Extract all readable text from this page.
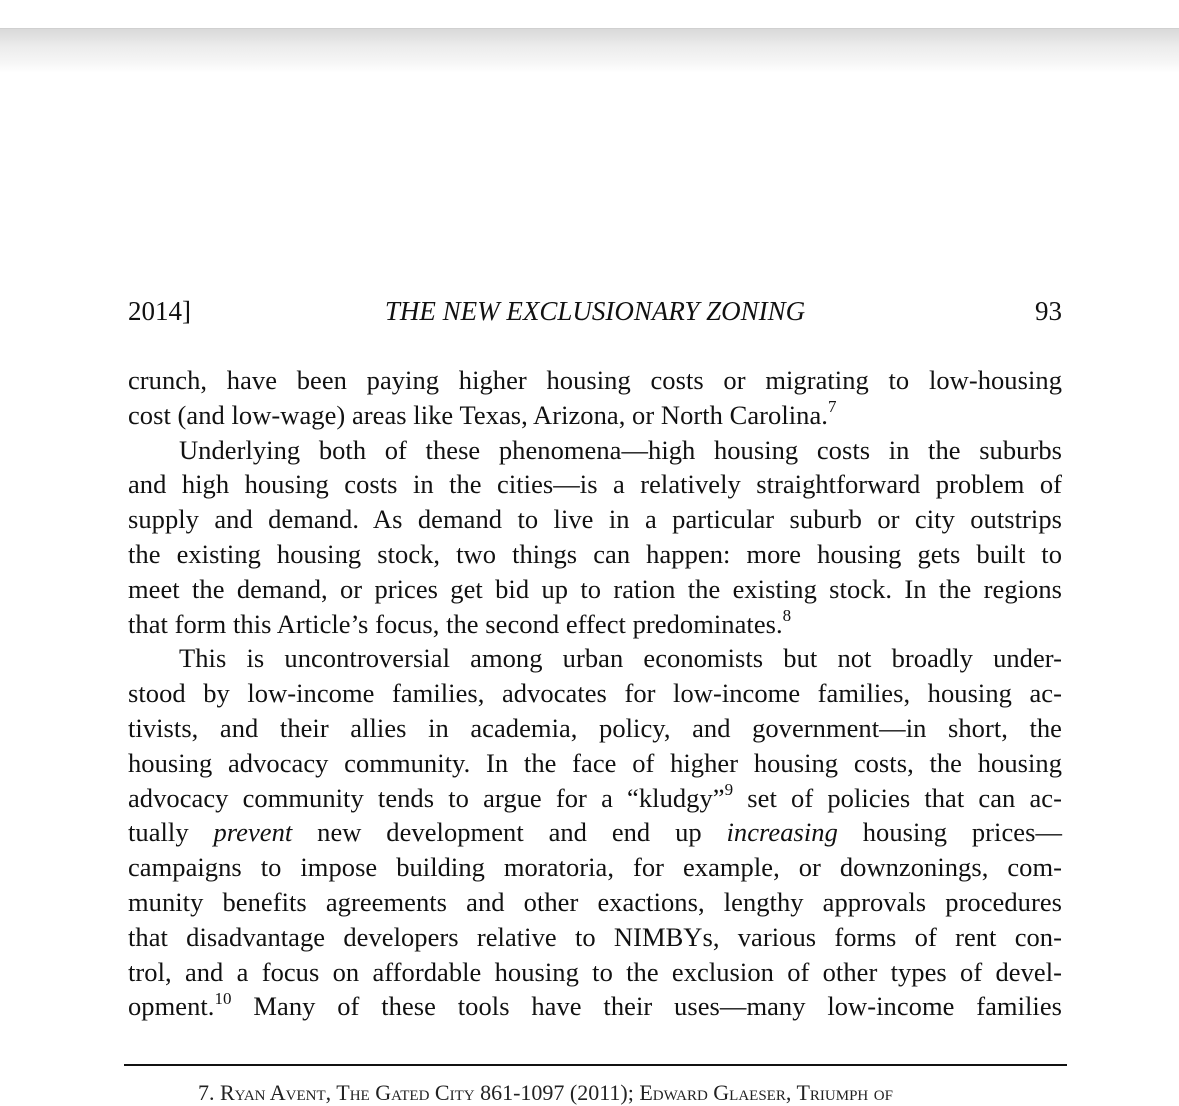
2014]	THE NEW EXCLUSIONARY ZONING	93
crunch, have been paying higher housing costs or migrating to low-housing
cost (and low-wage) areas like Texas, Arizona, or North Carolina.$^7$
Underlying both of these phenomena—high housing costs in the suburbs
and high housing costs in the cities—is a relatively straightforward problem of
supply and demand. As demand to live in a particular suburb or city outstrips
the existing housing stock, two things can happen: more housing gets built to
meet the demand, or prices get bid up to ration the existing stock. In the regions
that form this Article’s focus, the second effect predominates.$^8$
This is uncontroversial among urban economists but not broadly under-
stood by low-income families, advocates for low-income families, housing ac-
tivists, and their allies in academia, policy, and government—in short, the
housing advocacy community. In the face of higher housing costs, the housing
advocacy community tends to argue for a “kludgy”$^9$ set of policies that can ac-
tually prevent new development and end up increasing housing prices—
campaigns to impose building moratoria, for example, or downzonings, com-
munity benefits agreements and other exactions, lengthy approvals procedures
that disadvantage developers relative to NIMBYs, various forms of rent con-
trol, and a focus on affordable housing to the exclusion of other types of devel-
opment.$^{10}$ Many of these tools have their uses—many low-income families
7. Ryan Avent, The Gated City 861-1097 (2011); Edward Glaeser, Triumph of
